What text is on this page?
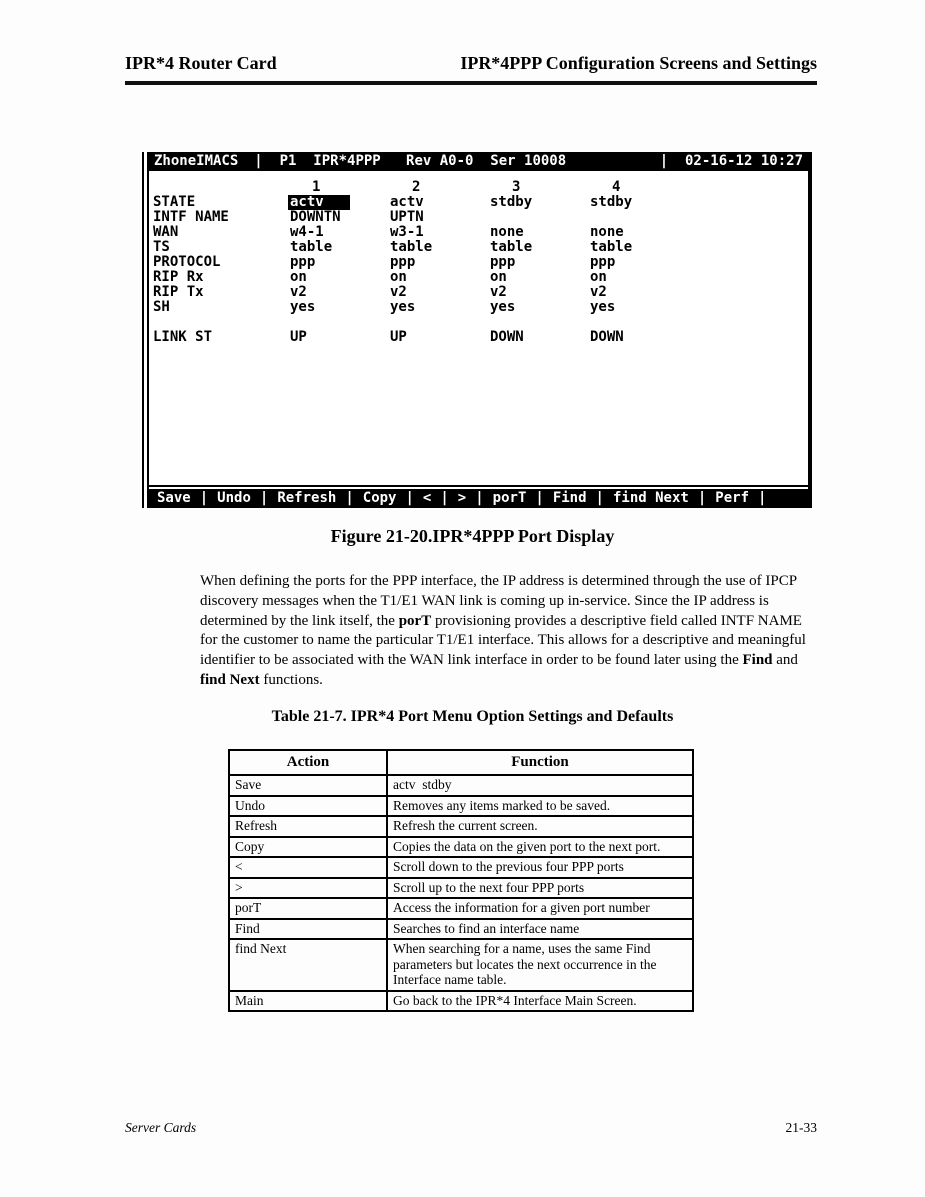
IPR*4 Router Card	IPR*4PPP Configuration Screens and Settings
ZhoneIMACS |  P1  IPR*4PPP   Rev A0-0  Ser 10008	|  02-16-12 10:27
1	2	3	4
STATE	actv	actv	stdby	stdby
INTF NAME	DOWNTN	UPTN
WAN	w4-1	w3-1	none	none
TS	table	table	table	table
PROTOCOL	ppp	ppp	ppp	ppp
RIP Rx	on	on	on	on
RIP Tx	v2	v2	v2	v2
SH	yes	yes	yes	yes
LINK ST	UP	UP	DOWN	DOWN
Save | Undo | Refresh | Copy | < | > | porT | Find | find Next | Perf |
Figure 21-20.IPR*4PPP Port Display
When defining the ports for the PPP interface, the IP address is determined through the use of IPCP discovery messages when the T1/E1 WAN link is coming up in-service. Since the IP address is determined by the link itself, the porT provisioning provides a descriptive field called INTF NAME for the customer to name the particular T1/E1 interface. This allows for a descriptive and meaningful identifier to be associated with the WAN link interface in order to be found later using the Find and find Next functions.
Table 21-7. IPR*4 Port Menu Option Settings and Defaults
Action	Function
Save	actv  stdby
Undo	Removes any items marked to be saved.
Refresh	Refresh the current screen.
Copy	Copies the data on the given port to the next port.
<	Scroll down to the previous four PPP ports
>	Scroll up to the next four PPP ports
porT	Access the information for a given port number
Find	Searches to find an interface name
find Next	When searching for a name, uses the same Find parameters but locates the next occurrence in the Interface name table.
Main	Go back to the IPR*4 Interface Main Screen.
Server Cards	21-33
